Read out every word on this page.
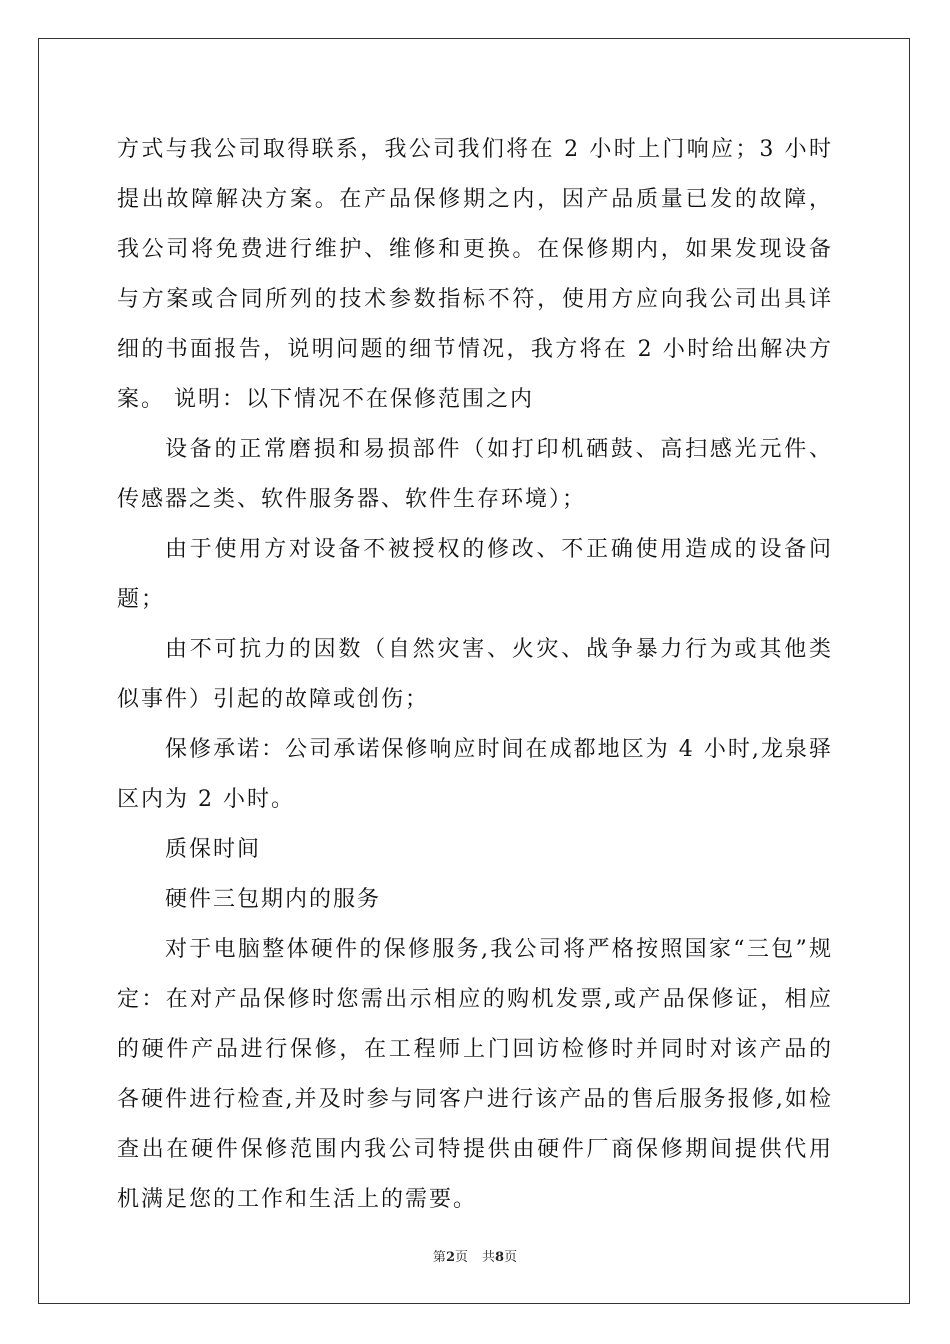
方式与我公司取得联系，我公司我们将在 2 小时上门响应；3 小时提出故障解决方案。在产品保修期之内，因产品质量已发的故障，我公司将免费进行维护、维修和更换。在保修期内，如果发现设备与方案或合同所列的技术参数指标不符，使用方应向我公司出具详细的书面报告，说明问题的细节情况，我方将在 2 小时给出解决方案。 说明：以下情况不在保修范围之内

设备的正常磨损和易损部件（如打印机硒鼓、高扫感光元件、传感器之类、软件服务器、软件生存环境）；

由于使用方对设备不被授权的修改、不正确使用造成的设备问题；

由不可抗力的因数（自然灾害、火灾、战争暴力行为或其他类似事件）引起的故障或创伤；

保修承诺：公司承诺保修响应时间在成都地区为 4 小时,龙泉驿区内为 2 小时。

质保时间

硬件三包期内的服务

对于电脑整体硬件的保修服务,我公司将严格按照国家“三包”规定：在对产品保修时您需出示相应的购机发票,或产品保修证，相应的硬件产品进行保修，在工程师上门回访检修时并同时对该产品的各硬件进行检查,并及时参与同客户进行该产品的售后服务报修,如检查出在硬件保修范围内我公司特提供由硬件厂商保修期间提供代用机满足您的工作和生活上的需要。

第2页 共8页
